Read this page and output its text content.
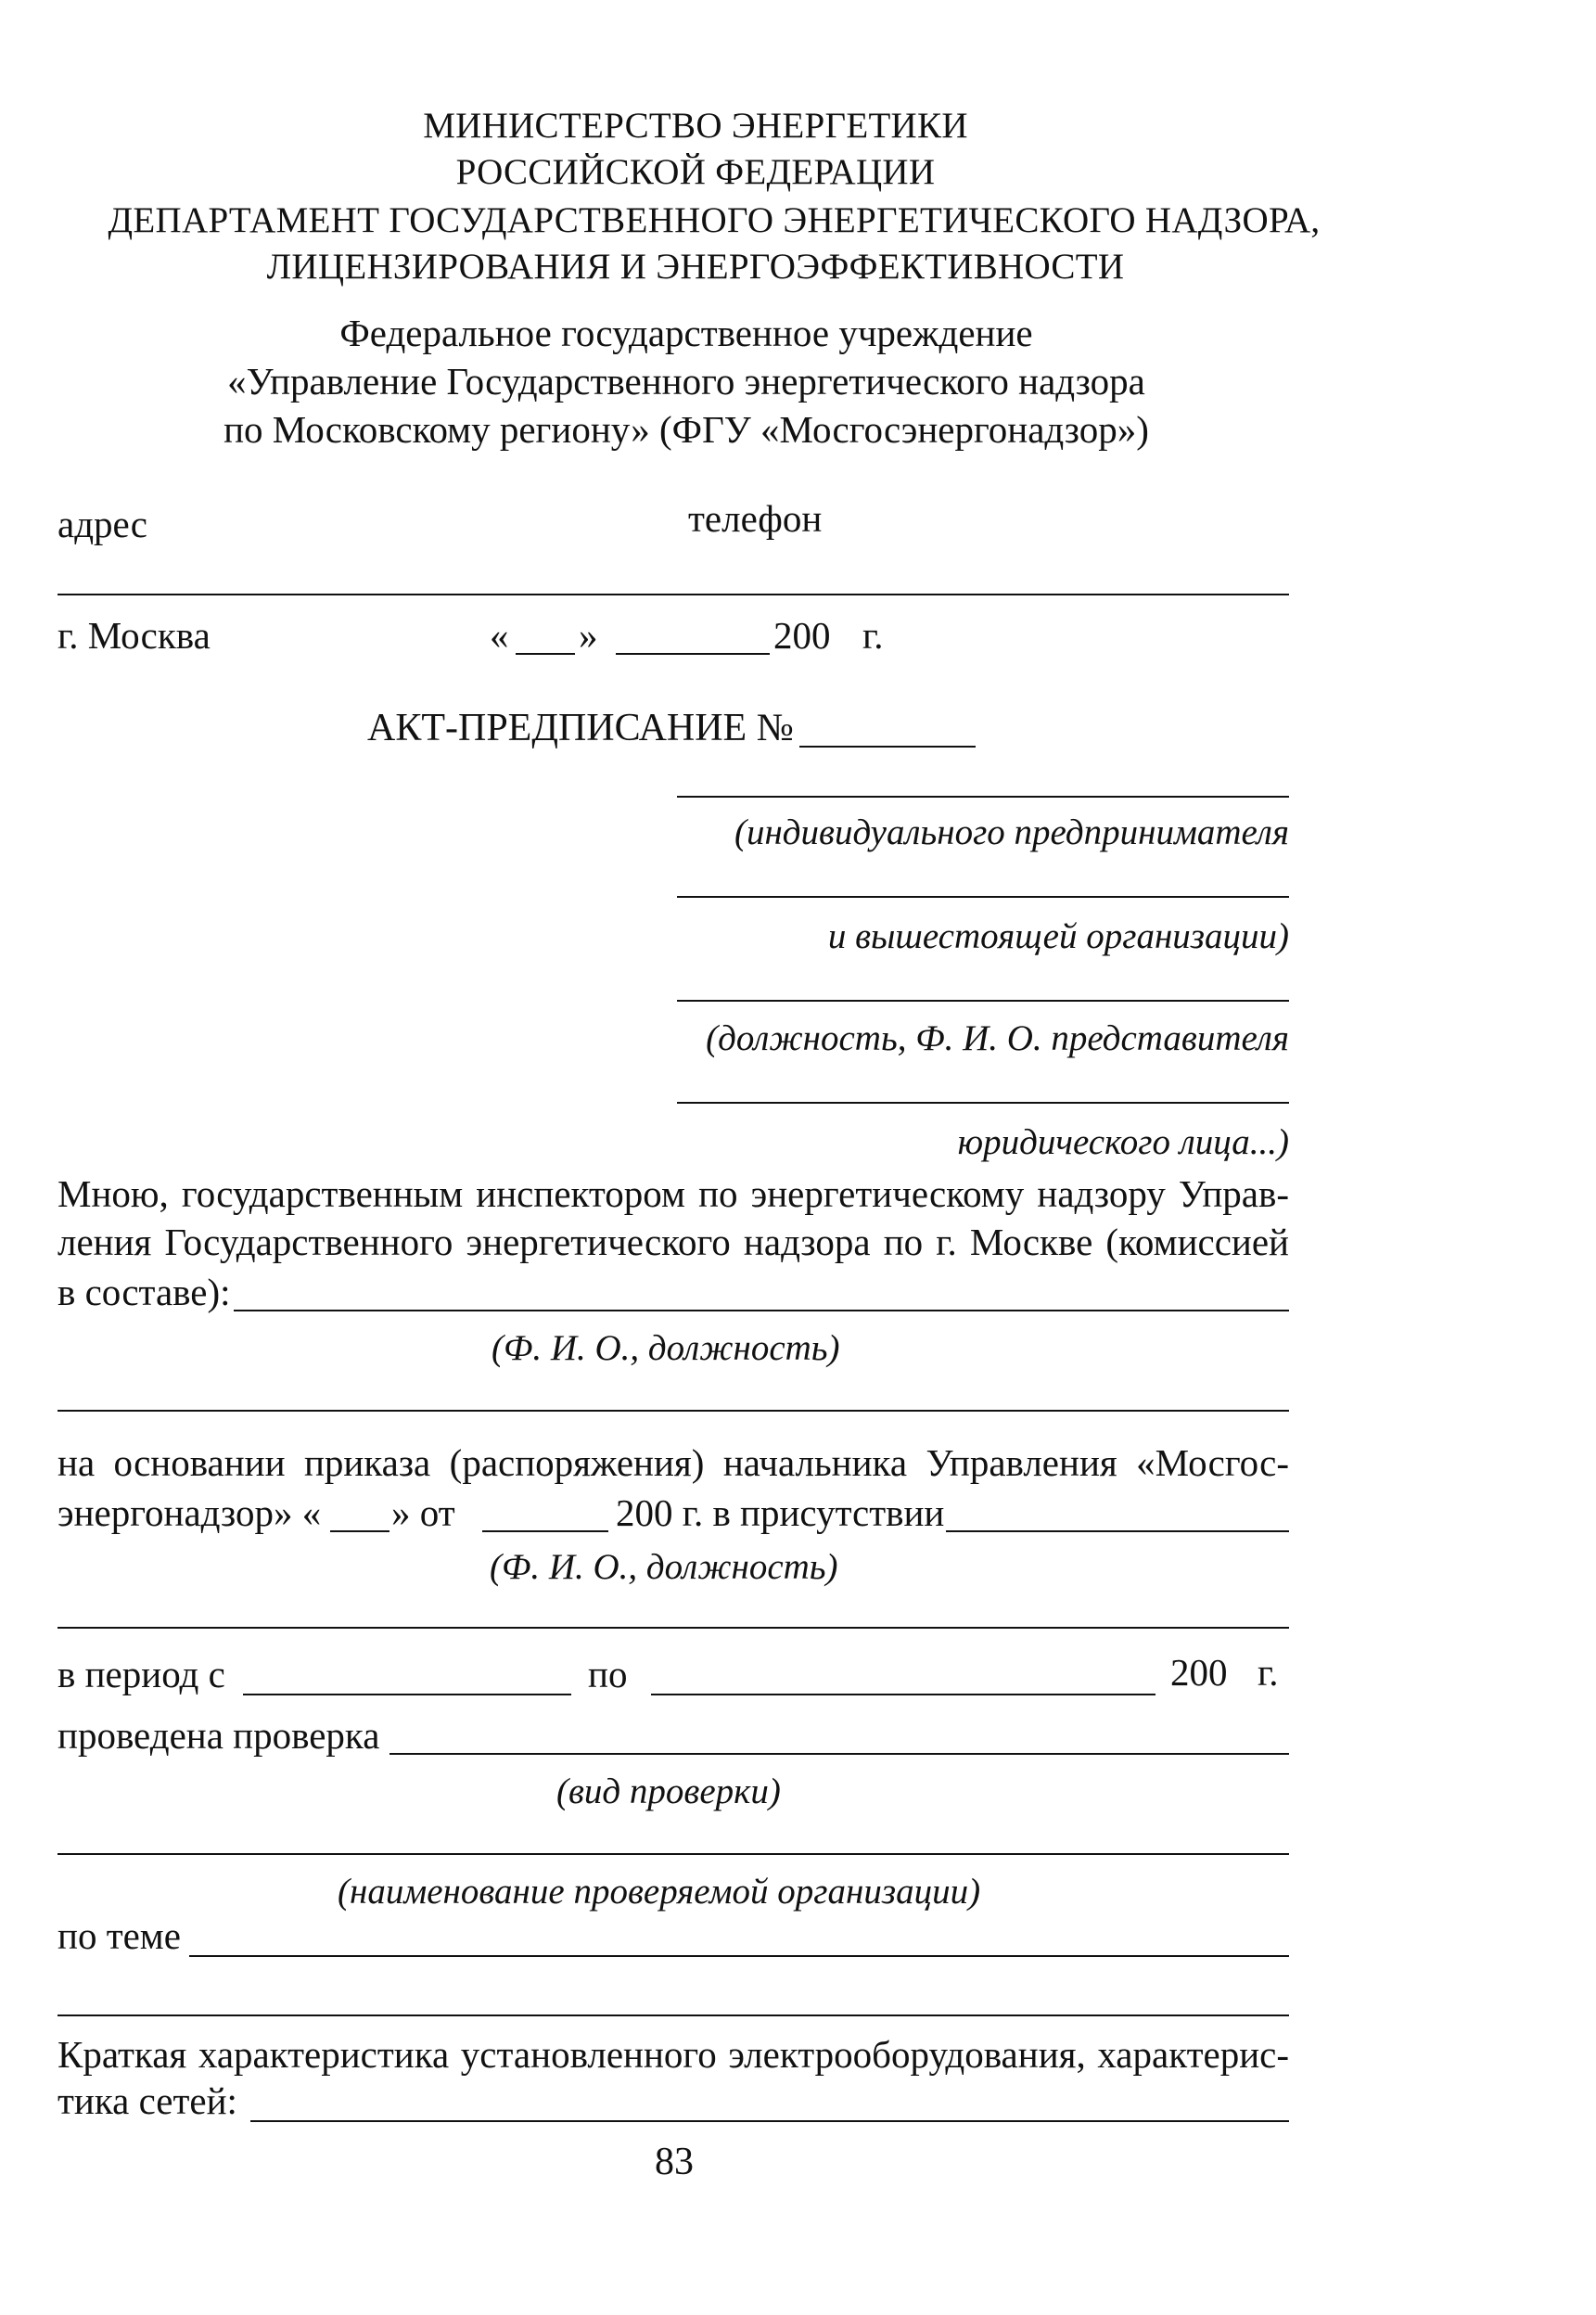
МИНИСТЕРСТВО ЭНЕРГЕТИКИ
РОССИЙСКОЙ ФЕДЕРАЦИИ
ДЕПАРТАМЕНТ ГОСУДАРСТВЕННОГО ЭНЕРГЕТИЧЕСКОГО НАДЗОРА,
ЛИЦЕНЗИРОВАНИЯ И ЭНЕРГОЭФФЕКТИВНОСТИ
Федеральное государственное учреждение
«Управление Государственного энергетического надзора
по Московскому региону» (ФГУ «Мосгосэнергонадзор»)
адрес	телефон
г. Москва	« »	200 г.
АКТ-ПРЕДПИСАНИЕ №
(индивидуального предпринимателя
и вышестоящей организации)
(должность, Ф. И. О. представителя
юридического лица...)
Мною, государственным инспектором по энергетическому надзору Управ-
ления Государственного энергетического надзора по г. Москве (комиссией
в составе):
(Ф. И. О., должность)
на основании приказа (распоряжения) начальника Управления «Мосгос-
энергонадзор» « » от	200 г. в присутствии
(Ф. И. О., должность)
в период с	по	200 г.
проведена проверка
(вид проверки)
(наименование проверяемой организации)
по теме
Краткая характеристика установленного электрооборудования, характерис-
тика сетей:
83
